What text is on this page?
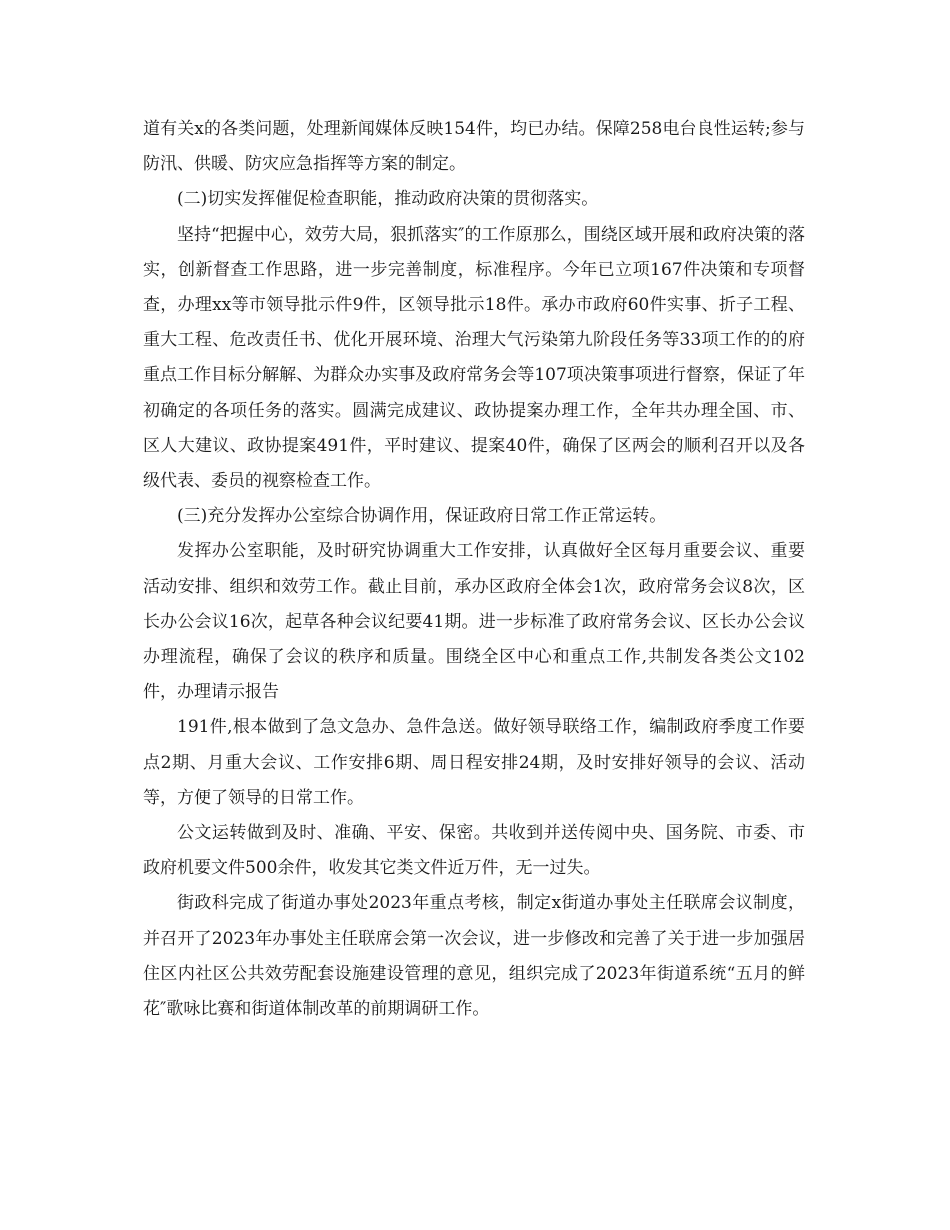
道有关x的各类问题，处理新闻媒体反映154件，均已办结。保障258电台良性运转;参与防汛、供暖、防灾应急指挥等方案的制定。

(二)切实发挥催促检查职能，推动政府决策的贯彻落实。

坚持“把握中心，效劳大局，狠抓落实″的工作原那么，围绕区域开展和政府决策的落实，创新督查工作思路，进一步完善制度，标准程序。今年已立项167件决策和专项督查，办理xx等市领导批示件9件，区领导批示18件。承办市政府60件实事、折子工程、重大工程、危改责任书、优化开展环境、治理大气污染第九阶段任务等33项工作的的府重点工作目标分解解、为群众办实事及政府常务会等107项决策事项进行督察，保证了年初确定的各项任务的落实。圆满完成建议、政协提案办理工作，全年共办理全国、市、区人大建议、政协提案491件，平时建议、提案40件，确保了区两会的顺利召开以及各级代表、委员的视察检查工作。

(三)充分发挥办公室综合协调作用，保证政府日常工作正常运转。

发挥办公室职能，及时研究协调重大工作安排，认真做好全区每月重要会议、重要活动安排、组织和效劳工作。截止目前，承办区政府全体会1次，政府常务会议8次，区长办公会议16次，起草各种会议纪要41期。进一步标准了政府常务会议、区长办公会议办理流程，确保了会议的秩序和质量。围绕全区中心和重点工作,共制发各类公文102件，办理请示报告

191件,根本做到了急文急办、急件急送。做好领导联络工作，编制政府季度工作要点2期、月重大会议、工作安排6期、周日程安排24期，及时安排好领导的会议、活动等，方便了领导的日常工作。

公文运转做到及时、准确、平安、保密。共收到并送传阅中央、国务院、市委、市政府机要文件500余件，收发其它类文件近万件，无一过失。

街政科完成了街道办事处2023年重点考核，制定x街道办事处主任联席会议制度，并召开了2023年办事处主任联席会第一次会议，进一步修改和完善了关于进一步加强居住区内社区公共效劳配套设施建设管理的意见，组织完成了2023年街道系统“五月的鲜花″歌咏比赛和街道体制改革的前期调研工作。
